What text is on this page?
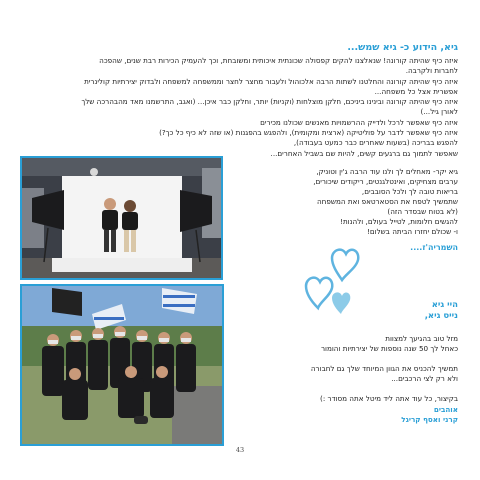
גיא, הידוע כ- גיא שמש...

איזה כיף שהיתה קורונה! שנאלצנו להקים קפסולה שכונתית איכותית ומשובחת, וכך להעמיק הכירות רבת שנים, שהפכה

לחברות ולקרבה.

איזה כיף שהיתה קורונה והחלטנו לשתות הרבה אלכוהול ולעבור מחצר לחצר וממשפחה למשפחה ולבדוק יצירתיות קולינרית

אפשרית אצל כל משפחה...

איזה כיף שהיתה קורונה ובינינו ביניכם, חלקן מוצלחות (וקניות) יותר, וחלקן כבר איכן... (ואגב, התרשמנו מאד מהבהרכה שלך

לאורן גיל...)

איזה כיף שאפשר לרכל ולדייק ההרשמויות מאנשים שכולנו מכירים

איזה כיף שאפשר לדבר על פוליטיקה (ארצית ומקומית), ולהפגש בהפגנות (או שזה לא כיף כל כך?)

להפגש בבריכה (בשעות שאחרים כבר כמעט בעבודה),

שאפשר לתמוך גם ברגעים קשים, להיות שם בשביל האחרים...

גיא יקר- מאחלים לך ולנו עוד הרבה ג'ין וטוניק,

ערבים מצחיקים, ואינטלגנטים, ריקודים שיכורים,

בריאות טובה לך ולכל הסובבים,

שתמשיך לטפח את הסטארטאפ ואת המשפחה

(לא בטוח שבסדר הזה)

להגשים חלומות, לטייל בעולם, ולהנות!

ו- שכולם יחזרו הביתה בשלום!

השמריה'ז....

היי גיא

נייס גיא,

מזל טוב בהגיעך למצוות

כאחל לך 50 שנה נוספות של יצירתיות והומור

תמשיך להכניס את הגוון המיוחד שלך גם לחבורה

ולא רק לצי הרכבים...

בקיצור, כל עוד אתה ליד מיטל אתה מסודר :)

אוהבים

קרני ואסף קריגל

43
